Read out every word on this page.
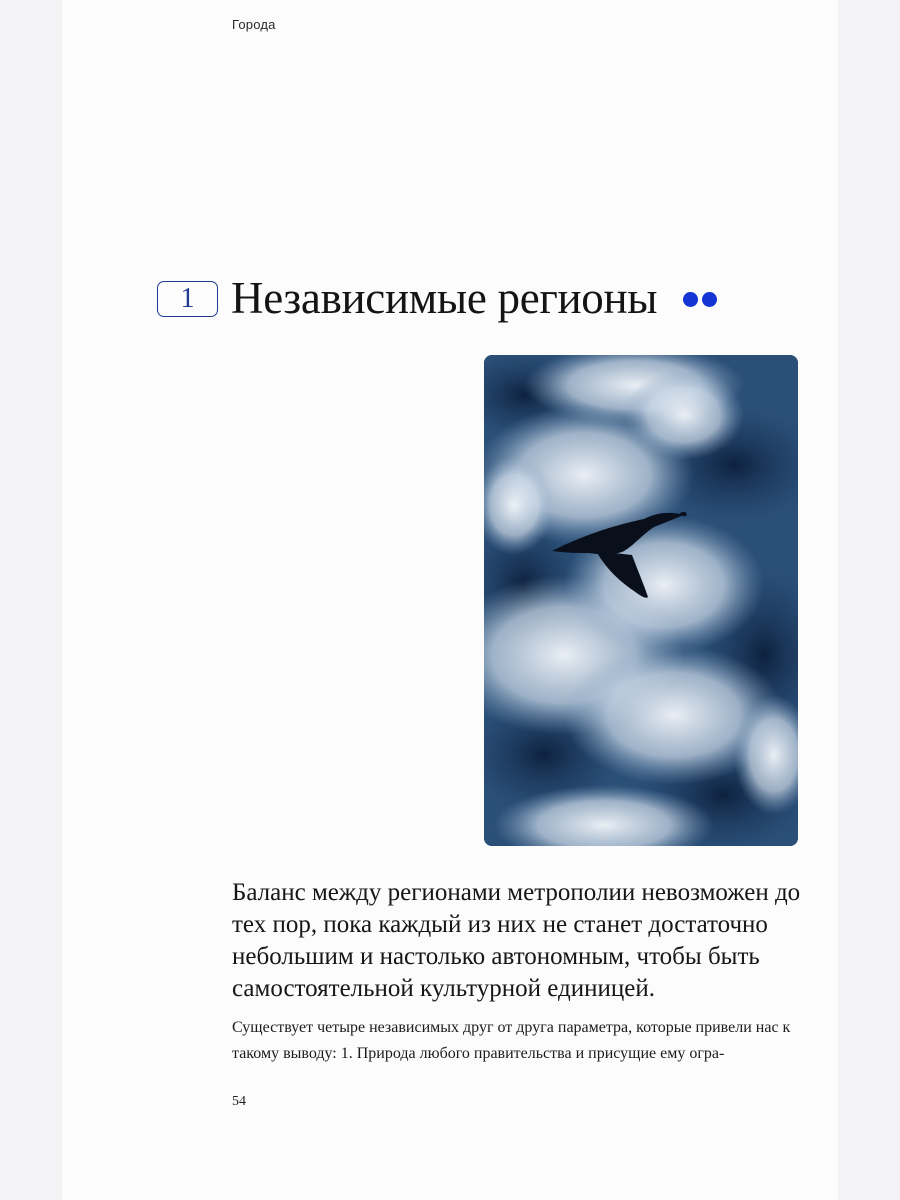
Города
1 Независимые регионы
Баланс между регионами метрополии невозможен до тех пор, пока каждый из них не станет достаточно небольшим и настолько автономным, чтобы быть самостоятельной культурной единицей.
Существует четыре независимых друг от друга параметра, которые привели нас к такому выводу: 1. Природа любого правительства и присущие ему огра-
54
